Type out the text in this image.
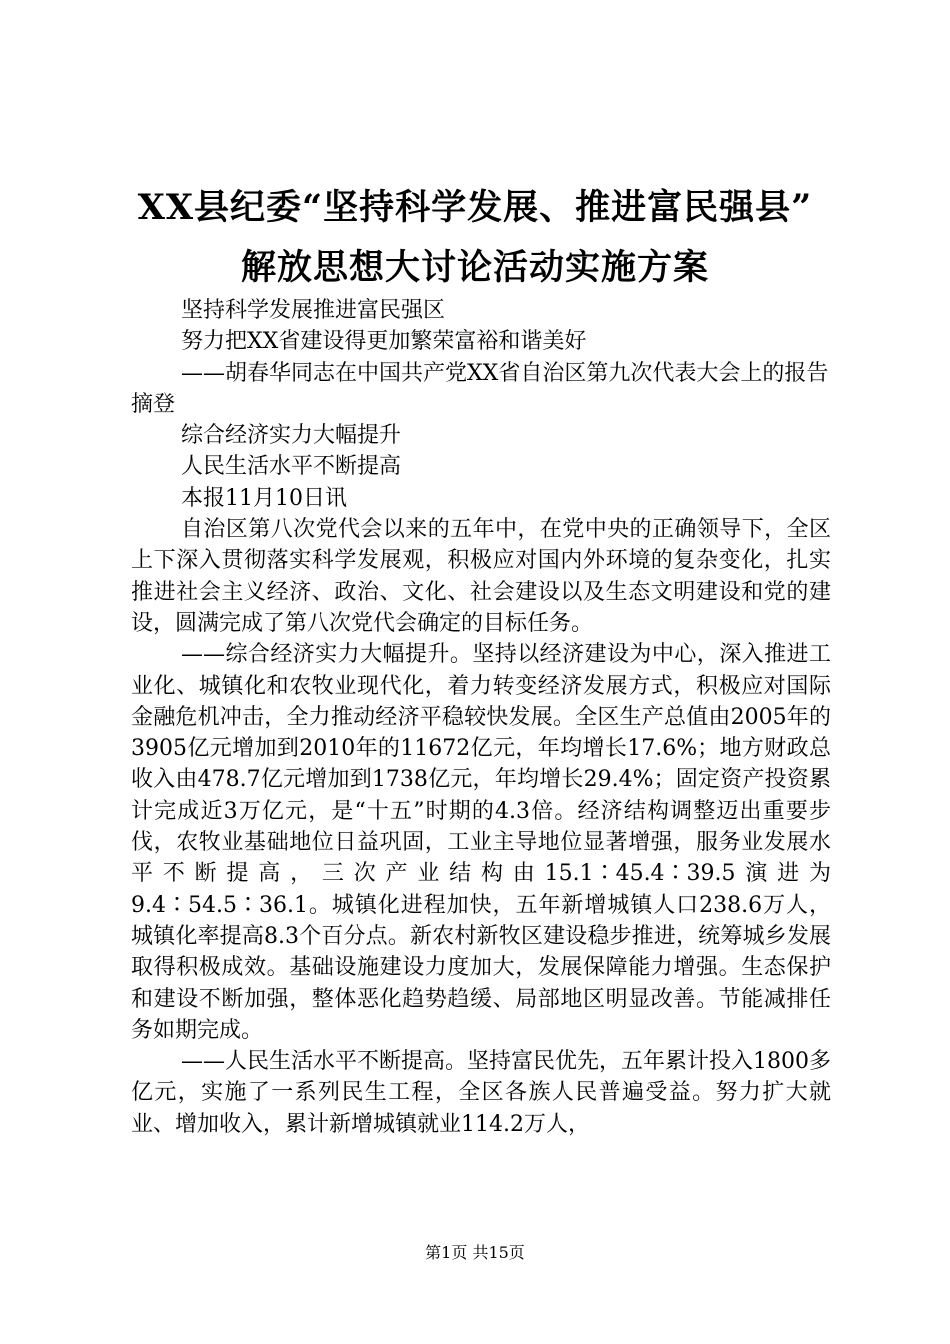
XX县纪委“坚持科学发展、推进富民强县”
解放思想大讨论活动实施方案

坚持科学发展推进富民强区

努力把XX省建设得更加繁荣富裕和谐美好

——胡春华同志在中国共产党XX省自治区第九次代表大会上的报告摘登

综合经济实力大幅提升

人民生活水平不断提高

本报11月10日讯

自治区第八次党代会以来的五年中，在党中央的正确领导下，全区上下深入贯彻落实科学发展观，积极应对国内外环境的复杂变化，扎实推进社会主义经济、政治、文化、社会建设以及生态文明建设和党的建设，圆满完成了第八次党代会确定的目标任务。

——综合经济实力大幅提升。坚持以经济建设为中心，深入推进工业化、城镇化和农牧业现代化，着力转变经济发展方式，积极应对国际金融危机冲击，全力推动经济平稳较快发展。全区生产总值由2005年的3905亿元增加到2010年的11672亿元，年均增长17.6%；地方财政总收入由478.7亿元增加到1738亿元，年均增长29.4%；固定资产投资累计完成近3万亿元，是“十五”时期的4.3倍。经济结构调整迈出重要步伐，农牧业基础地位日益巩固，工业主导地位显著增强，服务业发展水平不断提高，三次产业结构由15.1∶45.4∶39.5演进为9.4∶54.5∶36.1。城镇化进程加快，五年新增城镇人口238.6万人，城镇化率提高8.3个百分点。新农村新牧区建设稳步推进，统筹城乡发展取得积极成效。基础设施建设力度加大，发展保障能力增强。生态保护和建设不断加强，整体恶化趋势趋缓、局部地区明显改善。节能减排任务如期完成。

——人民生活水平不断提高。坚持富民优先，五年累计投入1800多亿元，实施了一系列民生工程，全区各族人民普遍受益。努力扩大就业、增加收入，累计新增城镇就业114.2万人，

第1页 共15页
